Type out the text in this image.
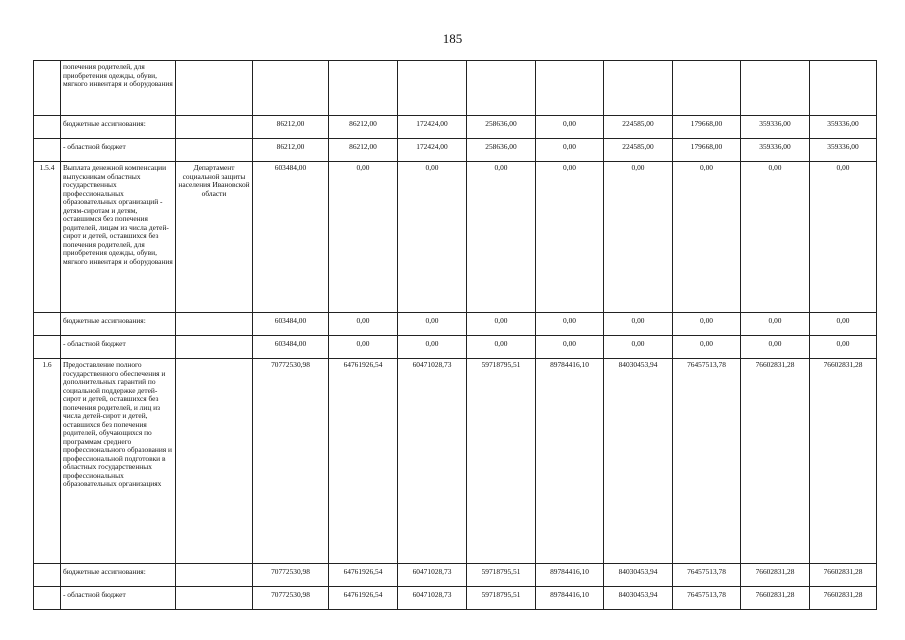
185
	попечения родителей, для приобретения одежды, обуви, мягкого инвентаря и оборудования										
	бюджетные ассигнования:		86212,00	86212,00	172424,00	258636,00	0,00	224585,00	179668,00	359336,00	359336,00
	- областной бюджет		86212,00	86212,00	172424,00	258636,00	0,00	224585,00	179668,00	359336,00	359336,00
1.5.4	Выплата денежной компенсации выпускникам областных государственных профессиональных образовательных организаций - детям-сиротам и детям, оставшимся без попечения родителей, лицам из числа детей-сирот и детей, оставшихся без попечения родителей, для приобретения одежды, обуви, мягкого инвентаря и оборудования	Департамент социальной защиты населения Ивановской области	603484,00	0,00	0,00	0,00	0,00	0,00	0,00	0,00	0,00
	бюджетные ассигнования:		603484,00	0,00	0,00	0,00	0,00	0,00	0,00	0,00	0,00
	- областной бюджет		603484,00	0,00	0,00	0,00	0,00	0,00	0,00	0,00	0,00
1.6	Предоставление полного государственного обеспечения и дополнительных гарантий по социальной поддержке детей-сирот и детей, оставшихся без попечения родителей, и лиц из числа детей-сирот и детей, оставшихся без попечения родителей, обучающихся по программам среднего профессионального образования и профессиональной подготовки в областных государственных профессиональных образовательных организациях		70772530,98	64761926,54	60471028,73	59718795,51	89784416,10	84030453,94	76457513,78	76602831,28	76602831,28
	бюджетные ассигнования:		70772530,98	64761926,54	60471028,73	59718795,51	89784416,10	84030453,94	76457513,78	76602831,28	76602831,28
	- областной бюджет		70772530,98	64761926,54	60471028,73	59718795,51	89784416,10	84030453,94	76457513,78	76602831,28	76602831,28
